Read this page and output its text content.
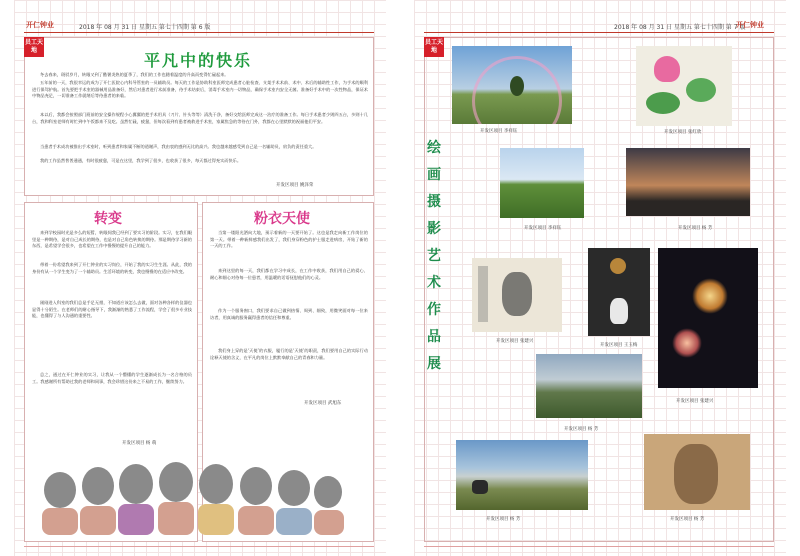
开仁钟业	2018 年 08 月 31 日 星期五 第七十四期 第 6 版
员工天地
平凡中的快乐
冬去春来，斑驳岁月，转眼又到了酷暑炎热的夏季了，我们的工作也随着温度的升高而变得忙碌起来。
五年前的一天，我很幸运的成为了开仁医院心内科导管室的一员辅助员。每天的工作是协助科室医师完成患者心脏检查、支架手术术前、术中、术后的辅助性工作，为手术的顺利进行保驾护航。首先要把手术室的器械用品准备好，然后对患者进行术前准备，待手术结束后，消毒手术室内一切物品，确保手术室内安全无菌。准备好手术中的一次性物品，保证术中物品充足，一切准备工作就绪后等待患者的来临。
本以后，我都会按照部门班前的安全操作规程小心翼翼的把手术用具（刀片、针头等等）清洗干净，备好交给医师完成这一治疗的准备工作。每日手术患者少则四五台，多则十几台，我和科室老师有时忙到中午饭都来不及吃。虽然忙碌，疲惫，但每次看到有患者被救进手术室，家属焦急的等待在门外，我都在心里默默的祝福他们平安。
当患者手术成功被推出手术室时，听到患者和家属不断的道谢声，我由衷的感到无比的高兴。我也越来越感受到自己是一名辅助员，肩负的责任重大。
我的工作虽然普普通通，有时很疲惫，可是在这里，我学到了很多，也收获了很多，每天都过得充实而快乐。
开发区项目 姚泽荣
转变
来到学校园时光是多么的短暂，转眼间我已经到了要实习的阶段。实习，在我们眼里是一种期待，是对自己成长的期待，也是对自己角色转换的期待。那是期待学习新的东西，是希望学会很多，也希望在工作中慢慢的提升自己的能力。
带着一份希望我来到了开仁钟业的实习岗位，开始了我的实习生生涯。从此，我的身份有从一个学生变为了一个辅助员。生活环境的转变，我也慢慢的在适应中改变。
刚刚进入科室的我们总是手足无措，不知道应该怎么去做，面对各种各样的仪器也显得十分陌生。在老师们的耐心指导下，我渐渐的熟悉了工作流程，学会了很多专业技能，也懂得了与人沟通的重要性。
总之，通过在开仁钟业的实习，让我从一个懵懂的学生逐渐成长为一名合格的员工。我感谢所有帮助过我的老师和同事，我会珍惜这份来之不易的工作，继续努力。
开发区项目 杨 萌
粉衣天使
当第一缕阳光洒向大地，预示着新的一天要开始了。这也是我走向新工作岗位的第一天。带着一种新鲜感我们出发了，我们身穿粉色的护士服走进病房，开始了新的一天的工作。
来到这里的每一天，我们都在学习中成长，在工作中收获，我们用自己的爱心、耐心和细心对待每一位患者，用温暖的话语抚慰他们的心灵。
作为一个服务窗口，我们要求自己做到热情、周到、细致，用微笑面对每一位来访者，用真诚的服务赢得患者的信任和尊重。
我们身上穿的是‘天使’的衣服，履行的是‘天使’的职责，我们要用自己的实际行动诠释天使的含义，在平凡的岗位上默默奉献自己的青春和力量。
开发区项目 武旭东
2018 年 08 月 31 日 星期五 第七十四期 第 7 版
开仁钟业
员工天地
绘
画
摄
影
艺
术
作
品
展
开发区项目 李祥钰	开发区项目 张红欣
开发区项目 杨 芳
开发区项目 李祥钰
开发区项目 张建兴
开发区项目 王玉梅
开发区项目 张建兴
开发区项目 杨 芳
开发区项目 杨 芳	开发区项目 杨 芳
